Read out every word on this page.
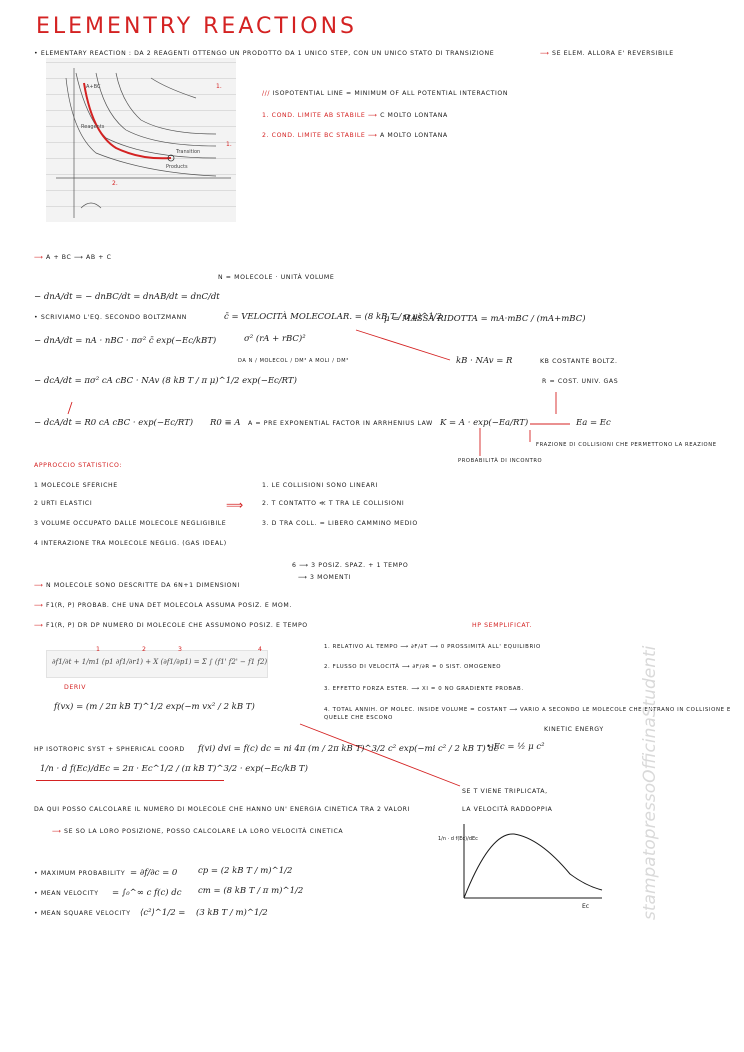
ELEMENTRY REACTIONS
• ELEMENTARY REACTION : DA 2 REAGENTI OTTENGO UN PRODOTTO DA 1 UNICO STEP, CON UN UNICO STATO DI TRANSIZIONE	⟶ SE ELEM. ALLORA E' REVERSIBILE
A+BC
Transition
Products
Reagents
1.
2.
1.
/// ISOPOTENTIAL LINE = MINIMUM OF ALL POTENTIAL INTERACTION
1. COND. LIMITE AB STABILE ⟶ C MOLTO LONTANA
2. COND. LIMITE BC STABILE ⟶ A MOLTO LONTANA
⟶ A + BC ⟶ AB + C
N = MOLECOLE · UNITÀ VOLUME
− dnA/dt = − dnBC/dt = dnAB/dt = dnC/dt
• SCRIVIAMO L'EQ. SECONDO BOLTZMANN	c̄ = VELOCITÀ MOLECOLAR. = (8 kB T / π μ)^1/2
μ = MASSA RIDOTTA = mA·mBC / (mA+mBC)
− dnA/dt = nA · nBC · πσ² c̄ exp(−Ec/kBT)	σ² (rA + rBC)²
kB · NAv = R	KB COSTANTE BOLTZ.
R = COST. UNIV. GAS
− dcA/dt = πσ² cA cBC · NAv (8 kB T / π μ)^1/2 exp(−Ec/RT)
DA N / MOLECOL / DM³ A MOLI / DM³
− dcA/dt = R0 cA cBC · exp(−Ec/RT) R0 ≡ A A = PRE EXPONENTIAL FACTOR IN ARRHENIUS LAW K = A · exp(−Ea/RT)	Ea = Ec
FRAZIONE DI COLLISIONI CHE PERMETTONO LA REAZIONE
PROBABILITÀ DI INCONTRO
APPROCCIO STATISTICO:
1 MOLECOLE SFERICHE
2 URTI ELASTICI
3 VOLUME OCCUPATO DALLE MOLECOLE NEGLIGIBILE
4 INTERAZIONE TRA MOLECOLE NEGLIG. (GAS IDEAL)
⟹
1. LE COLLISIONI SONO LINEARI
2. T CONTATTO ≪ T TRA LE COLLISIONI
3. D TRA COLL. = LIBERO CAMMINO MEDIO
6 ⟶ 3 POSIZ. SPAZ. + 1 TEMPO
⟶ 3 MOMENTI
⟶ N MOLECOLE SONO DESCRITTE DA 6N+1 DIMENSIONI
⟶ F1(R, P) PROBAB. CHE UNA DET MOLECOLA ASSUMA POSIZ. E MOM.
⟶ F1(R, P) DR DP NUMERO DI MOLECOLE CHE ASSUMONO POSIZ. E TEMPO	HP SEMPLIFICAT.
1. RELATIVO AL TEMPO ⟶ ∂F/∂T ⟶ 0 PROSSIMITÀ ALL' EQUILIBRIO
2. FLUSSO DI VELOCITÀ ⟶ ∂F/∂R = 0 SIST. OMOGENEO
3. EFFETTO FORZA ESTER. ⟶ XI = 0 NO GRADIENTE PROBAB.
4. TOTAL ANNIH. OF MOLEC. INSIDE VOLUME = COSTANT ⟶ VARIO A SECONDO LE MOLECOLE CHE ENTRANO IN COLLISIONE E QUELLE CHE ESCONO
∂f1/∂t + 1/m1 (p1 ∂f1/∂r1) + X (∂f1/∂p1) = Σ ∫ (f1' f2' − f1 f2)
1	2	3	4
DERIV
f(vx) = (m / 2π kB T)^1/2 exp(−m vx² / 2 kB T)
KINETIC ENERGY
• Ec = ½ μ c²
HP ISOTROPIC SYST + SPHERICAL COORD f(vi) dvi = f(c) dc = ni 4π (m / 2π kB T)^3/2 c² exp(−mi c² / 2 kB T) dc
1/n · d f(Ec)/dEc = 2π · Ec^1/2 / (π kB T)^3/2 · exp(−Ec/kB T)
SE T VIENE TRIPLICATA,
LA VELOCITÀ RADDOPPIA
DA QUI POSSO CALCOLARE IL NUMERO DI MOLECOLE CHE HANNO UN' ENERGIA CINETICA TRA 2 VALORI
⟶ SE SO LA LORO POSIZIONE, POSSO CALCOLARE LA LORO VELOCITÀ CINETICA
• MAXIMUM PROBABILITY = ∂f/∂c = 0 cp = (2 kB T / m)^1/2
• MEAN VELOCITY = ∫₀^∞ c f(c) dc cm = (8 kB T / π m)^1/2
• MEAN SQUARE VELOCITY ⟨c²⟩^1/2 = (3 kB T / m)^1/2
Ec
1/n · d f(Ec)/dEc	stampatopressoOfficinaStudenti
